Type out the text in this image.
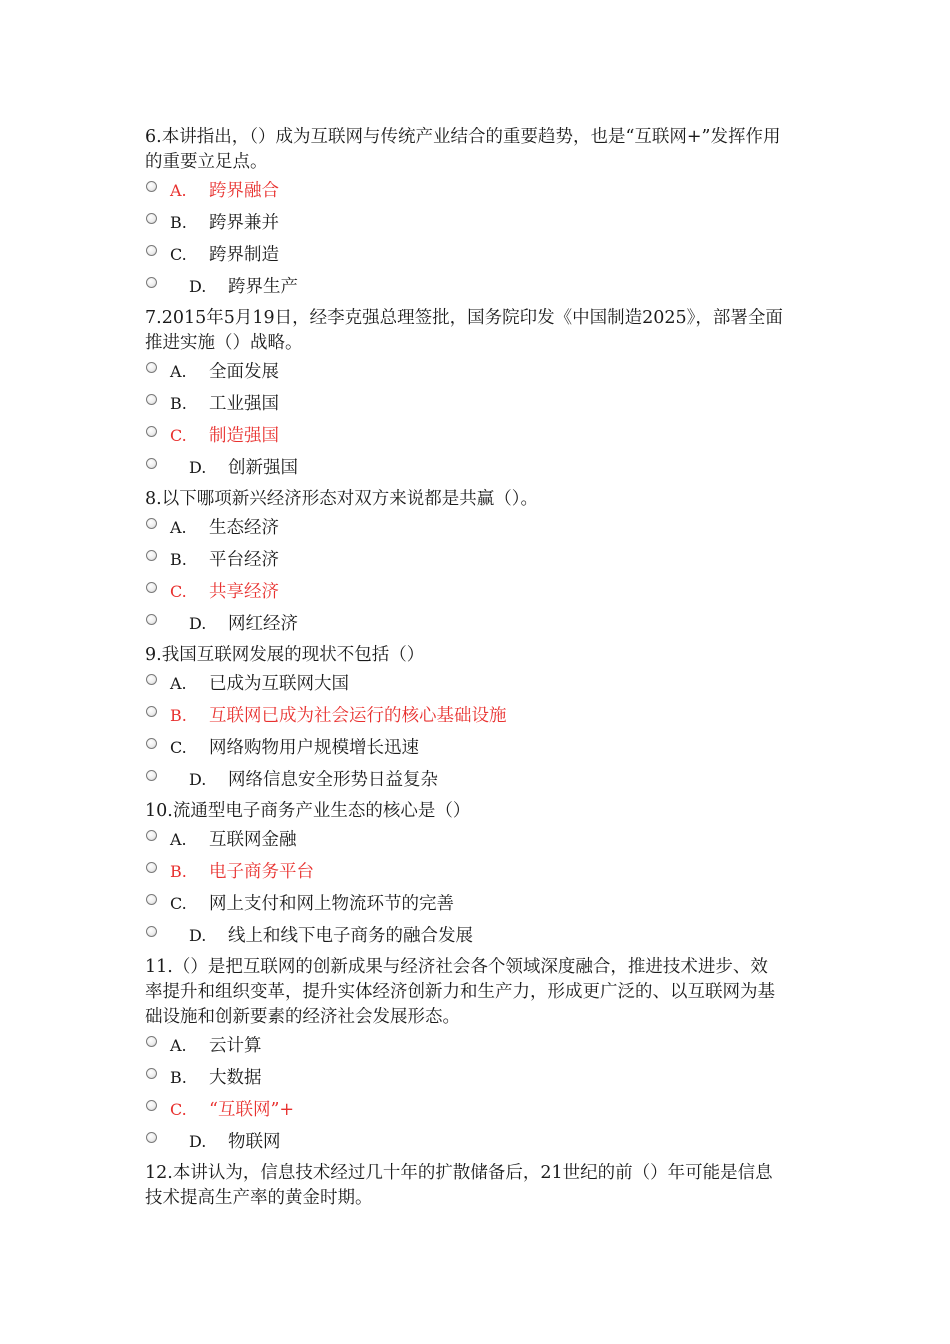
6.本讲指出，（）成为互联网与传统产业结合的重要趋势，也是“互联网+”发挥作用的重要立足点。

A. 跨界融合
B. 跨界兼并
C. 跨界制造
D. 跨界生产

7.2015年5月19日，经李克强总理签批，国务院印发《中国制造2025》，部署全面推进实施（）战略。

A. 全面发展
B. 工业强国
C. 制造强国
D. 创新强国

8.以下哪项新兴经济形态对双方来说都是共赢（）。

A. 生态经济
B. 平台经济
C. 共享经济
D. 网红经济

9.我国互联网发展的现状不包括（）

A. 已成为互联网大国
B. 互联网已成为社会运行的核心基础设施
C. 网络购物用户规模增长迅速
D. 网络信息安全形势日益复杂

10.流通型电子商务产业生态的核心是（）

A. 互联网金融
B. 电子商务平台
C. 网上支付和网上物流环节的完善
D. 线上和线下电子商务的融合发展

11.（）是把互联网的创新成果与经济社会各个领域深度融合，推进技术进步、效率提升和组织变革，提升实体经济创新力和生产力，形成更广泛的、以互联网为基础设施和创新要素的经济社会发展形态。

A. 云计算
B. 大数据
C. “互联网”+
D. 物联网

12.本讲认为，信息技术经过几十年的扩散储备后，21世纪的前（）年可能是信息技术提高生产率的黄金时期。
